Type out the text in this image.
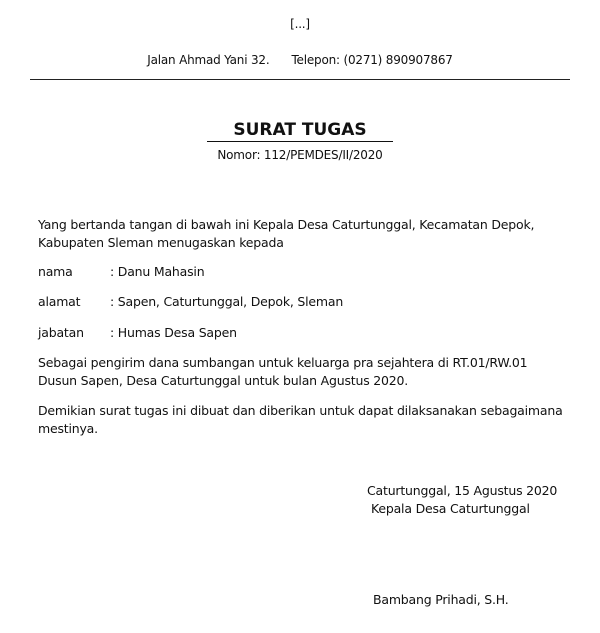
[...]
Jalan Ahmad Yani 32. Telepon: (0271) 890907867
SURAT TUGAS
Nomor: 112/PEMDES/II/2020
Yang bertanda tangan di bawah ini Kepala Desa Caturtunggal, Kecamatan Depok, Kabupaten Sleman menugaskan kepada
nama	: Danu Mahasin
alamat : Sapen, Caturtunggal, Depok, Sleman
jabatan : Humas Desa Sapen
Sebagai pengirim dana sumbangan untuk keluarga pra sejahtera di RT.01/RW.01 Dusun Sapen, Desa Caturtunggal untuk bulan Agustus 2020.
Demikian surat tugas ini dibuat dan diberikan untuk dapat dilaksanakan sebagaimana mestinya.
Caturtunggal, 15 Agustus 2020
Kepala Desa Caturtunggal
Bambang Prihadi, S.H.
